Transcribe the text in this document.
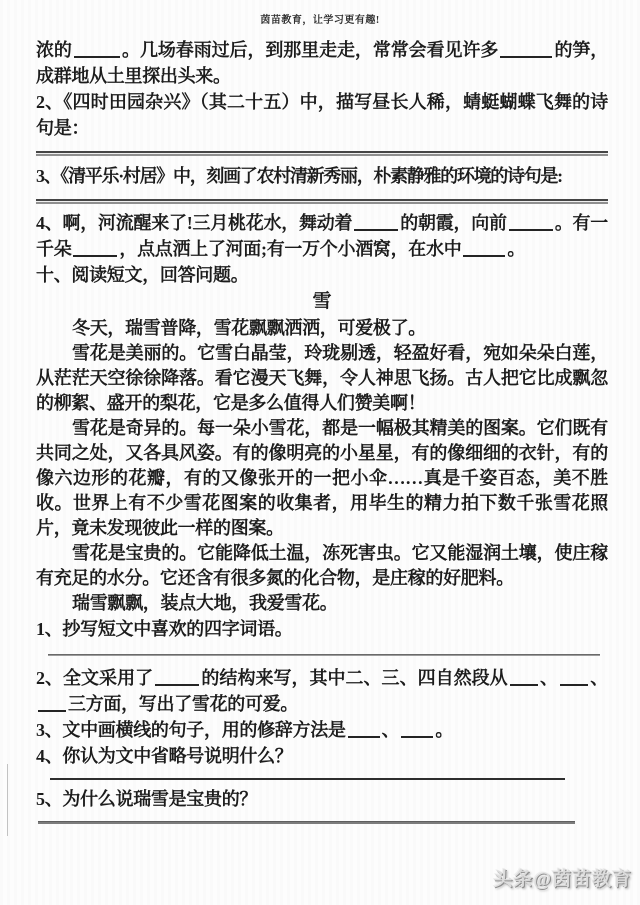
茵苗教育，让学习更有趣!

浓的	。几场春雨过后，到那里走走，常常会看见许多	的笋，成群地从土里探出头来。

2、《四时田园杂兴》（其二十五）中，描写昼长人稀，蜻蜓蝴蝶飞舞的诗句是：

3、《清平乐·村居》中，刻画了农村清新秀丽，朴素静雅的环境的诗句是:

4、啊，河流醒来了!三月桃花水，舞动着	的朝霞，向前	。有一千朵	，点点洒上了河面;有一万个小酒窝，在水中	。

十、阅读短文，回答问题。

雪

冬天，瑞雪普降，雪花飘飘洒洒，可爱极了。

雪花是美丽的。它雪白晶莹，玲珑剔透，轻盈好看，宛如朵朵白莲，从茫茫天空徐徐降落。看它漫天飞舞，令人神思飞扬。古人把它比成飘忽的柳絮、盛开的梨花，它是多么值得人们赞美啊！

雪花是奇异的。每一朵小雪花，都是一幅极其精美的图案。它们既有共同之处，又各具风姿。有的像明亮的小星星，有的像细细的衣针，有的像六边形的花瓣，有的又像张开的一把小伞……真是千姿百态，美不胜收。世界上有不少雪花图案的收集者，用毕生的精力拍下数千张雪花照片，竟未发现彼此一样的图案。

雪花是宝贵的。它能降低土温，冻死害虫。它又能湿润土壤，使庄稼有充足的水分。它还含有很多氮的化合物，是庄稼的好肥料。

瑞雪飘飘，装点大地，我爱雪花。

1、抄写短文中喜欢的四字词语。

2、全文采用了	的结构来写，其中二、三、四自然段从 、 、三方面，写出了雪花的可爱。

3、文中画横线的句子，用的修辞方法是 、 。

4、你认为文中省略号说明什么？

5、为什么说瑞雪是宝贵的？

头条@茵苗教育
